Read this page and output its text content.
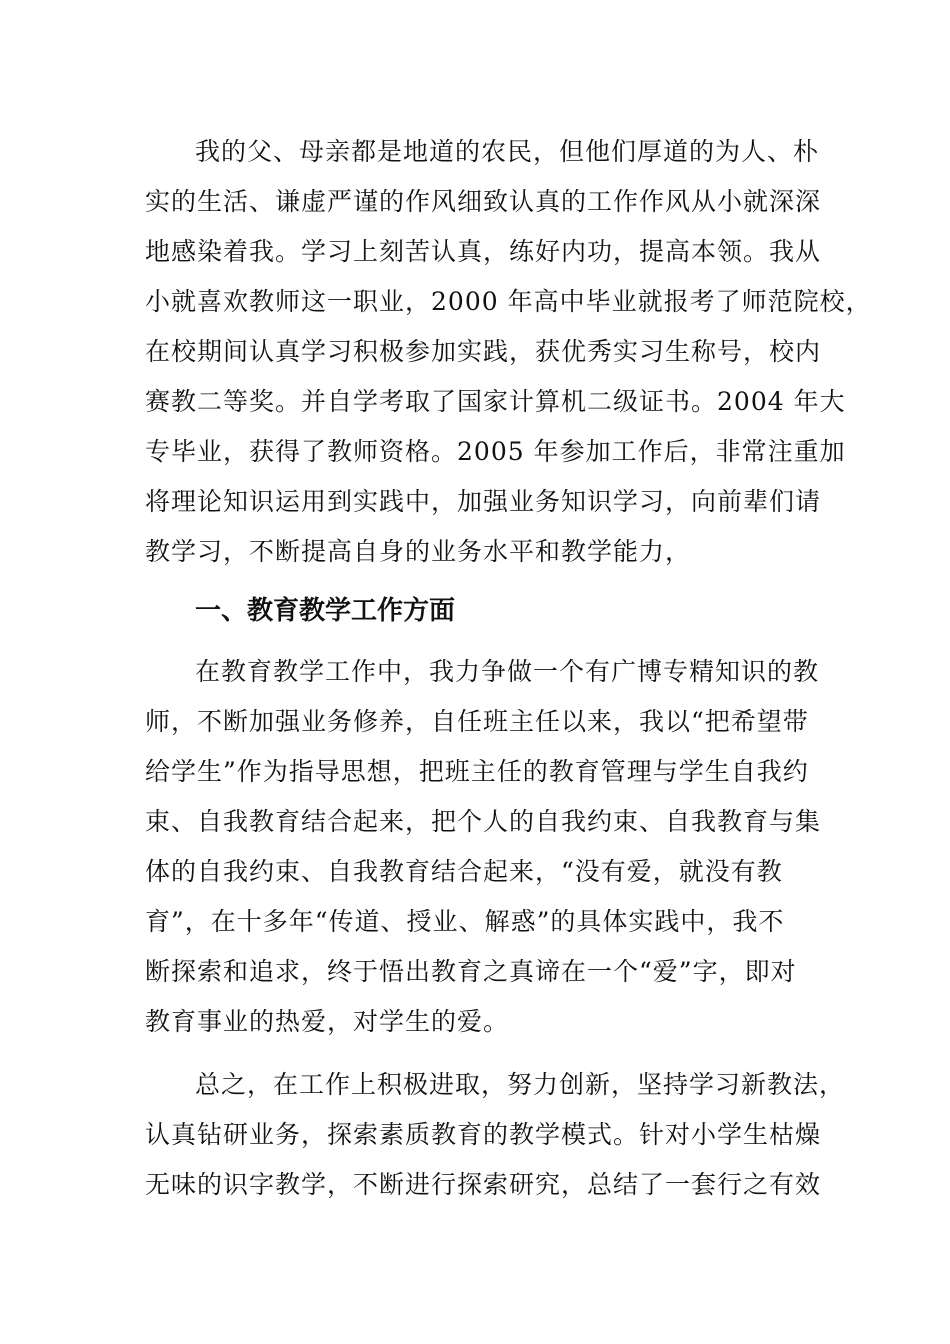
我的父、母亲都是地道的农民，但他们厚道的为人、朴
实的生活、谦虚严谨的作风细致认真的工作作风从小就深深
地感染着我。学习上刻苦认真，练好内功，提高本领。我从
小就喜欢教师这一职业，2000 年高中毕业就报考了师范院校，
在校期间认真学习积极参加实践，获优秀实习生称号，校内
赛教二等奖。并自学考取了国家计算机二级证书。2004 年大
专毕业，获得了教师资格。2005 年参加工作后，非常注重加
将理论知识运用到实践中，加强业务知识学习，向前辈们请
教学习，不断提高自身的业务水平和教学能力，
一、教育教学工作方面
在教育教学工作中，我力争做一个有广博专精知识的教
师，不断加强业务修养，自任班主任以来，我以“把希望带
给学生”作为指导思想，把班主任的教育管理与学生自我约
束、自我教育结合起来，把个人的自我约束、自我教育与集
体的自我约束、自我教育结合起来，“没有爱，就没有教
育”，在十多年“传道、授业、解惑”的具体实践中，我不
断探索和追求，终于悟出教育之真谛在一个“爱”字，即对
教育事业的热爱，对学生的爱。
总之，在工作上积极进取，努力创新，坚持学习新教法，
认真钻研业务，探索素质教育的教学模式。针对小学生枯燥
无味的识字教学，不断进行探索研究，总结了一套行之有效
